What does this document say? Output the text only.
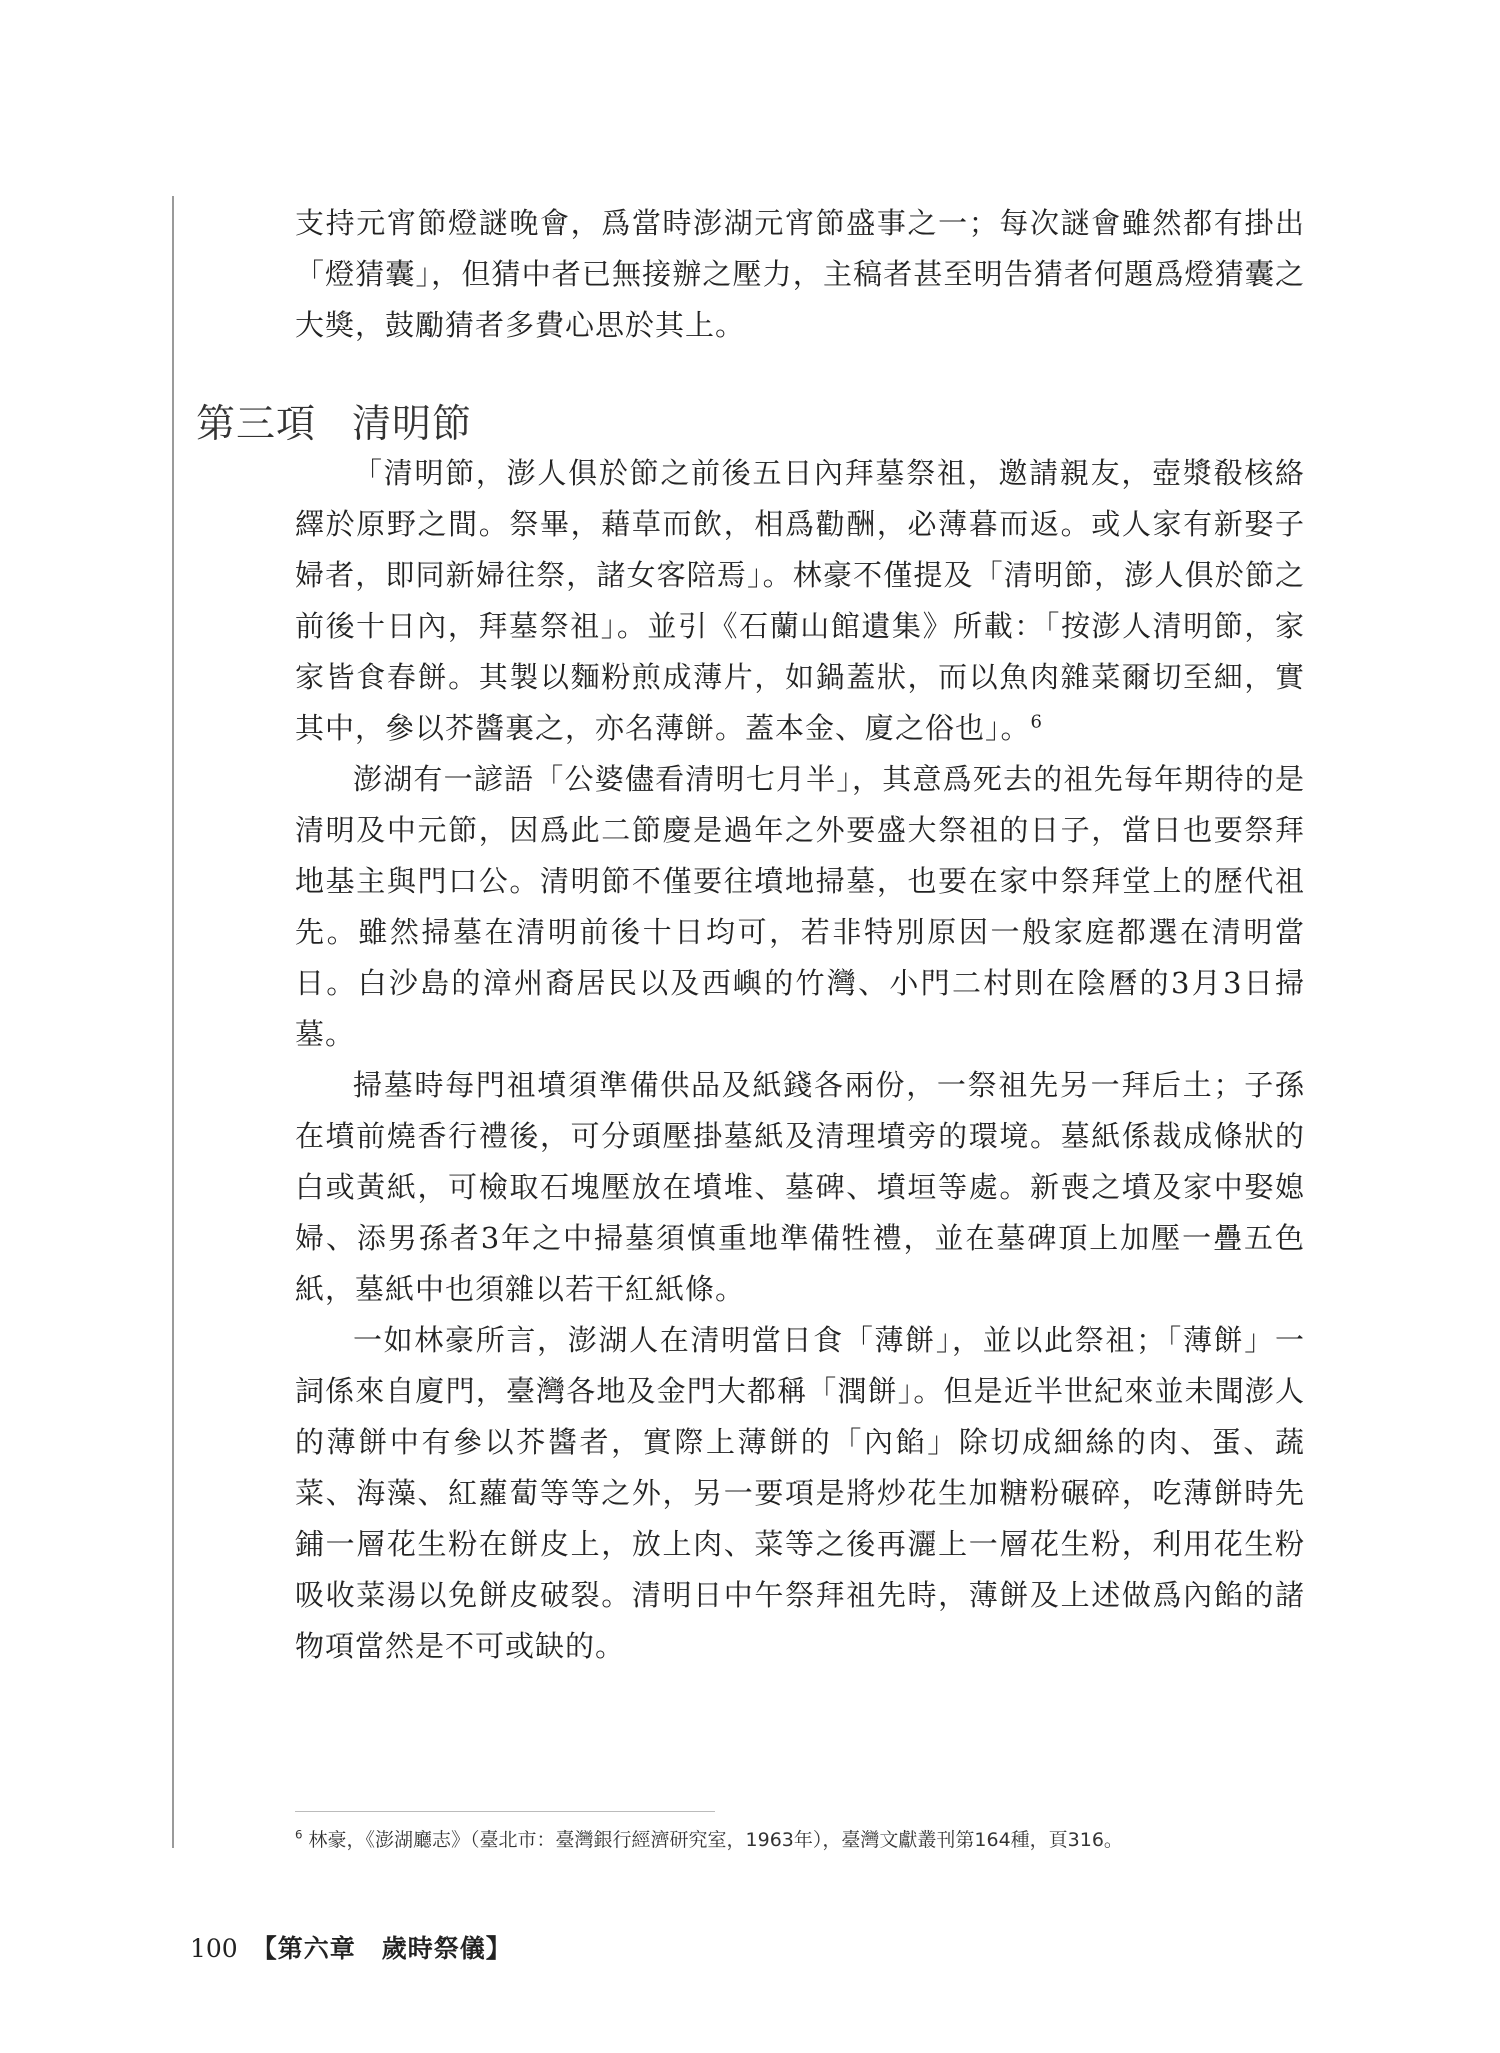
支持元宵節燈謎晚會，爲當時澎湖元宵節盛事之一；每次謎會雖然都有掛出「燈猜囊」，但猜中者已無接辦之壓力，主稿者甚至明告猜者何題爲燈猜囊之大獎，鼓勵猜者多費心思於其上。

第三項 清明節

「清明節，澎人俱於節之前後五日內拜墓祭祖，邀請親友，壺漿殽核絡繹於原野之間。祭畢，藉草而飲，相爲勸酬，必薄暮而返。或人家有新娶子婦者，即同新婦往祭，諸女客陪焉」。林豪不僅提及「清明節，澎人俱於節之前後十日內，拜墓祭祖」。並引《石蘭山館遺集》所載：「按澎人清明節，家家皆食春餅。其製以麵粉煎成薄片，如鍋蓋狀，而以魚肉雜菜爾切至細，實其中，參以芥醬裏之，亦名薄餅。蓋本金、廈之俗也」。$^6$

澎湖有一諺語「公婆儘看清明七月半」，其意爲死去的祖先每年期待的是清明及中元節，因爲此二節慶是過年之外要盛大祭祖的日子，當日也要祭拜地基主與門口公。清明節不僅要往墳地掃墓，也要在家中祭拜堂上的歷代祖先。雖然掃墓在清明前後十日均可，若非特別原因一般家庭都選在清明當日。白沙島的漳州裔居民以及西嶼的竹灣、小門二村則在陰曆的3月3日掃墓。

掃墓時每門祖墳須準備供品及紙錢各兩份，一祭祖先另一拜后土；子孫在墳前燒香行禮後，可分頭壓掛墓紙及清理墳旁的環境。墓紙係裁成條狀的白或黃紙，可檢取石塊壓放在墳堆、墓碑、墳垣等處。新喪之墳及家中娶媳婦、添男孫者3年之中掃墓須慎重地準備牲禮，並在墓碑頂上加壓一疊五色紙，墓紙中也須雜以若干紅紙條。

一如林豪所言，澎湖人在清明當日食「薄餅」，並以此祭祖；「薄餅」一詞係來自廈門，臺灣各地及金門大都稱「潤餅」。但是近半世紀來並未聞澎人的薄餅中有參以芥醬者，實際上薄餅的「內餡」除切成細絲的肉、蛋、蔬菜、海藻、紅蘿蔔等等之外，另一要項是將炒花生加糖粉碾碎，吃薄餅時先鋪一層花生粉在餅皮上，放上肉、菜等之後再灑上一層花生粉，利用花生粉吸收菜湯以免餅皮破裂。清明日中午祭拜祖先時，薄餅及上述做爲內餡的諸物項當然是不可或缺的。

$^6$ 林豪，《澎湖廳志》（臺北市：臺灣銀行經濟研究室，1963年），臺灣文獻叢刊第164種，頁316。
100 【第六章　歲時祭儀】
